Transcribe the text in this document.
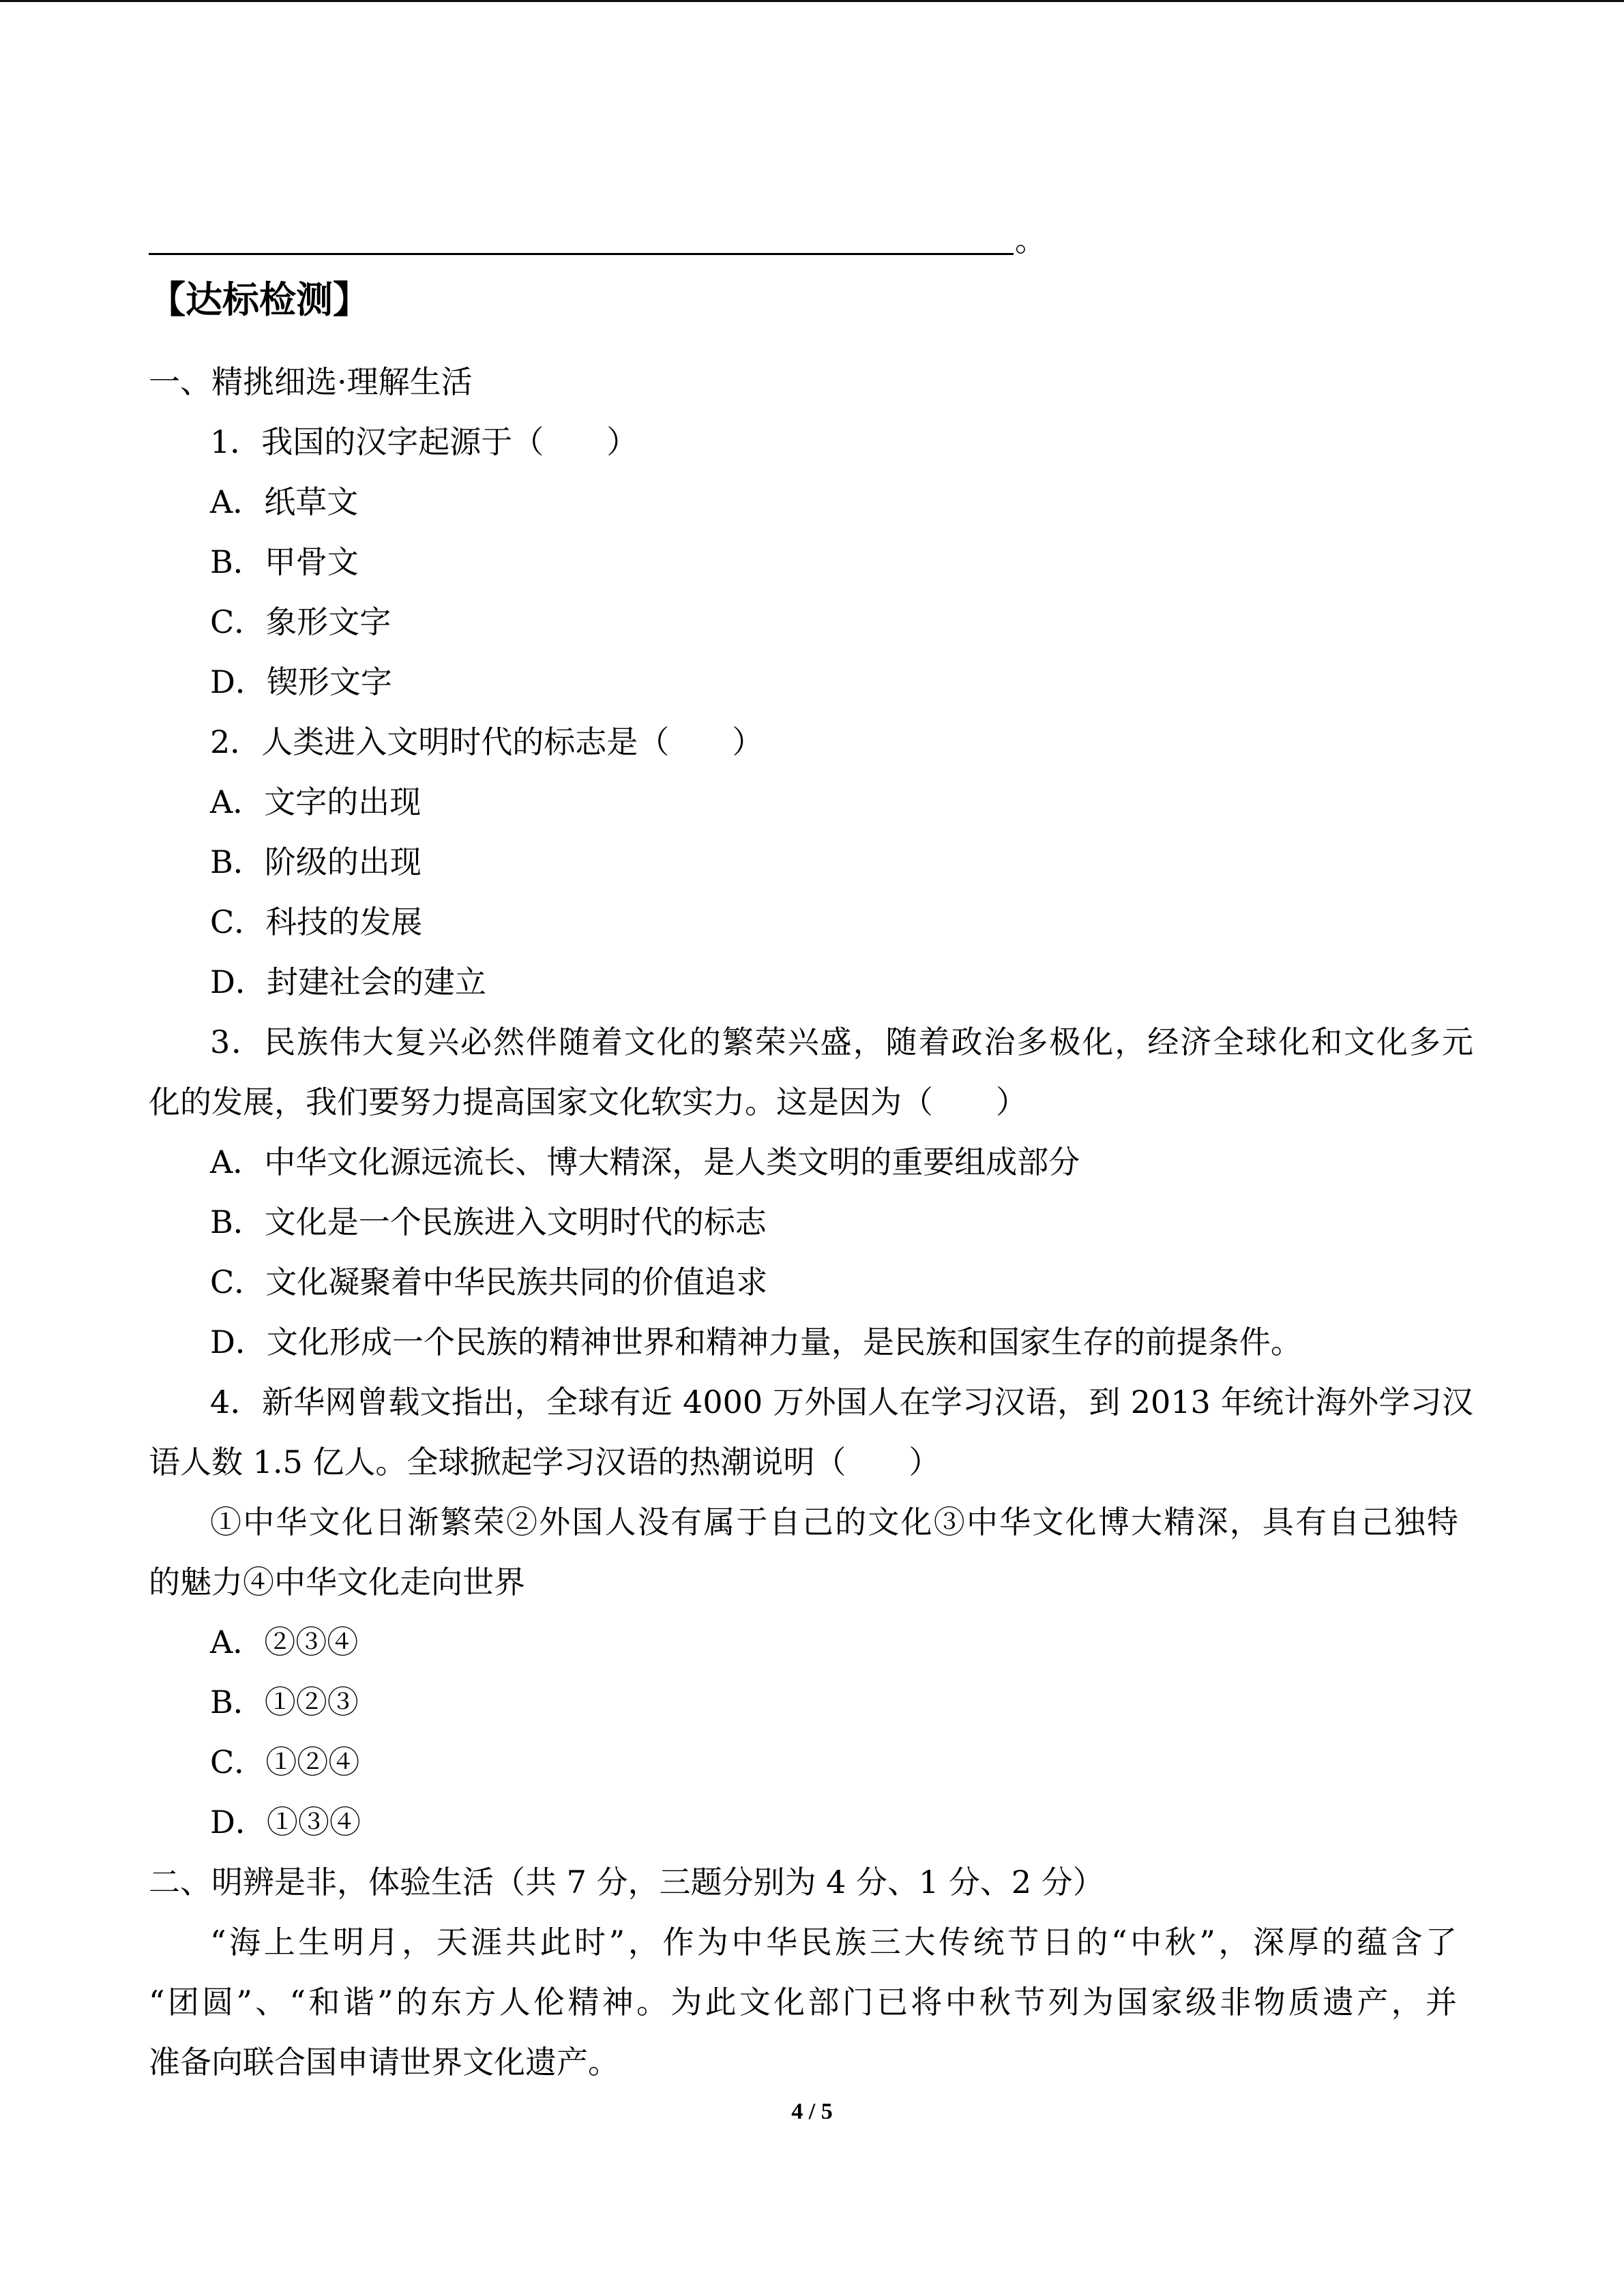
。
【达标检测】
一、精挑细选·理解生活
1．我国的汉字起源于（　　）
A．纸草文
B．甲骨文
C．象形文字
D．锲形文字
2．人类进入文明时代的标志是（　　）
A．文字的出现
B．阶级的出现
C．科技的发展
D．封建社会的建立
3．民族伟大复兴必然伴随着文化的繁荣兴盛，随着政治多极化，经济全球化和文化多元
化的发展，我们要努力提高国家文化软实力。这是因为（　　）
A．中华文化源远流长、博大精深，是人类文明的重要组成部分
B．文化是一个民族进入文明时代的标志
C．文化凝聚着中华民族共同的价值追求
D．文化形成一个民族的精神世界和精神力量，是民族和国家生存的前提条件。
4．新华网曾载文指出，全球有近 4000 万外国人在学习汉语，到 2013 年统计海外学习汉
语人数 1.5 亿人。全球掀起学习汉语的热潮说明（　　）
①中华文化日渐繁荣②外国人没有属于自己的文化③中华文化博大精深，具有自己独特
的魅力④中华文化走向世界
A．②③④
B．①②③
C．①②④
D．①③④
二、明辨是非，体验生活（共 7 分，三题分别为 4 分、1 分、2 分）
“海上生明月，天涯共此时”，作为中华民族三大传统节日的“中秋”，深厚的蕴含了
“团圆”、“和谐”的东方人伦精神。为此文化部门已将中秋节列为国家级非物质遗产，并
准备向联合国申请世界文化遗产。
4 / 5
